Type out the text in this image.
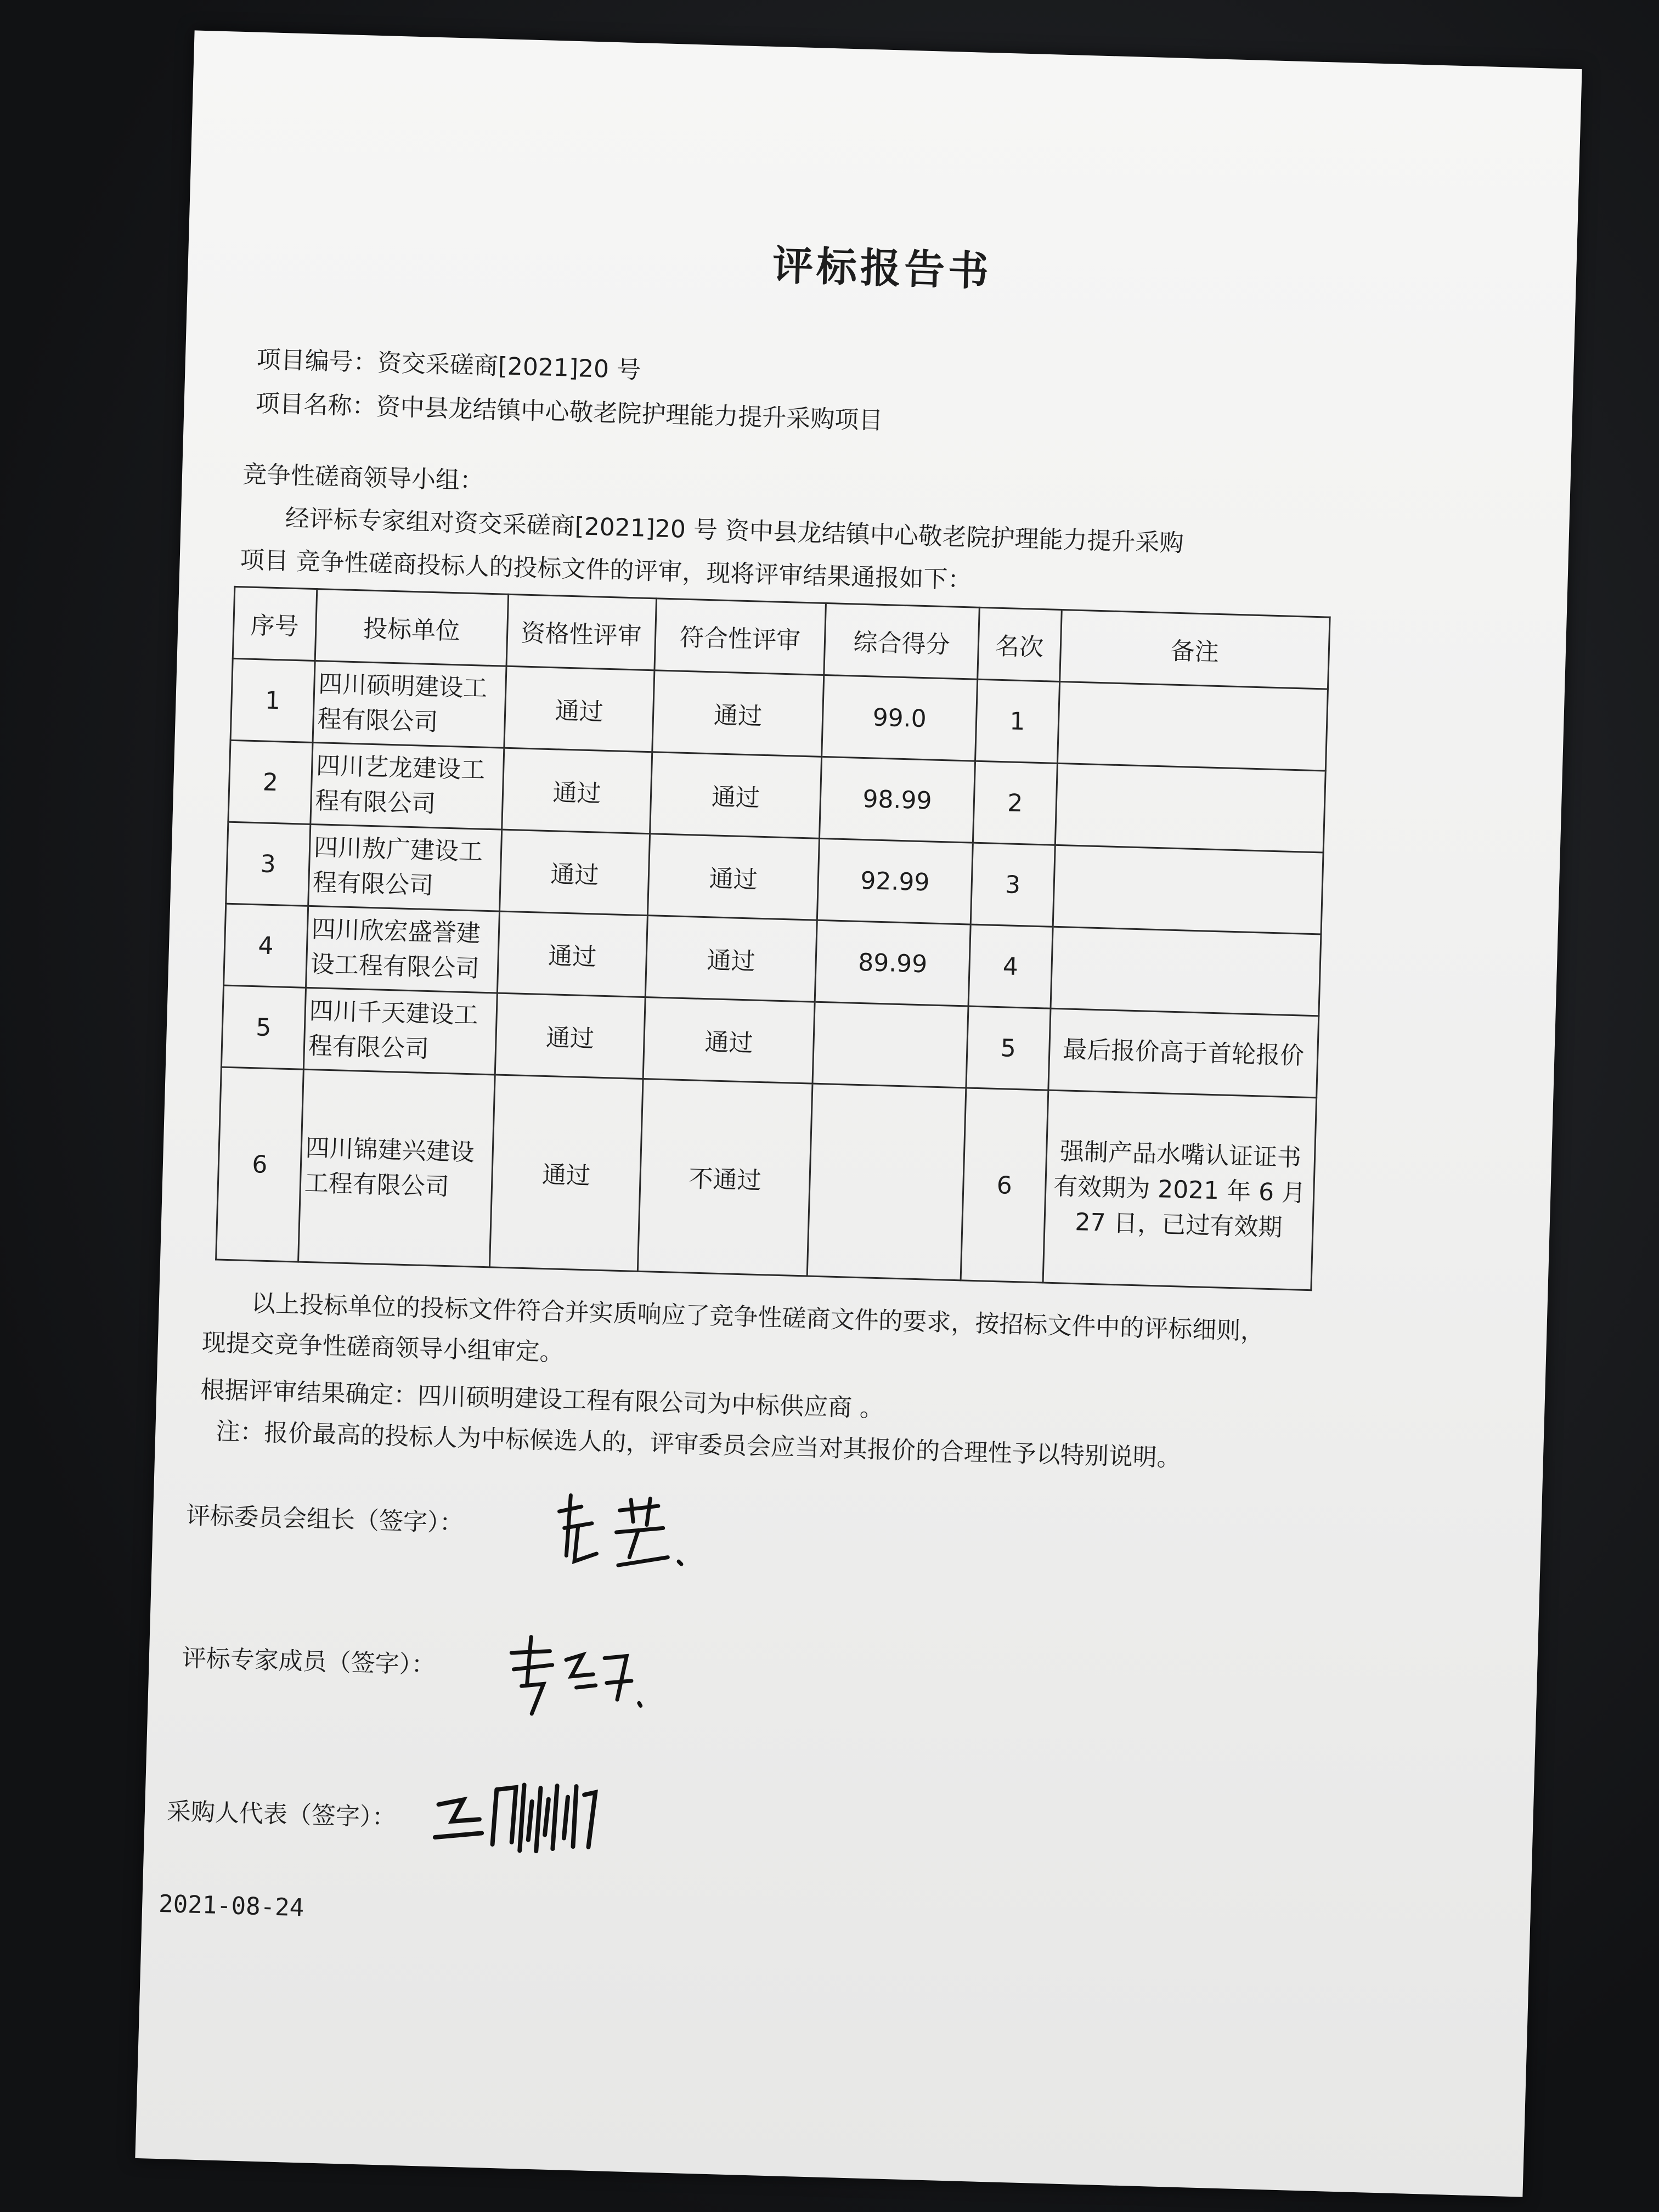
评标报告书
项目编号：资交采磋商[2021]20 号
项目名称：资中县龙结镇中心敬老院护理能力提升采购项目
竞争性磋商领导小组：
经评标专家组对资交采磋商[2021]20 号 资中县龙结镇中心敬老院护理能力提升采购
项目 竞争性磋商投标人的投标文件的评审，现将评审结果通报如下：
序号	投标单位	资格性评审	符合性评审	综合得分	名次	备注
1	四川硕明建设工程有限公司	通过	通过	99.0	1	
2	四川艺龙建设工程有限公司	通过	通过	98.99	2	
3	四川敖广建设工程有限公司	通过	通过	92.99	3	
4	四川欣宏盛誉建设工程有限公司	通过	通过	89.99	4	
5	四川千天建设工程有限公司	通过	通过		5	最后报价高于首轮报价
6	四川锦建兴建设工程有限公司	通过	不通过		6	强制产品水嘴认证证书有效期为 2021 年 6 月 27 日，已过有效期
以上投标单位的投标文件符合并实质响应了竞争性磋商文件的要求，按招标文件中的评标细则，现提交竞争性磋商领导小组审定。
根据评审结果确定：四川硕明建设工程有限公司为中标供应商 。
注：报价最高的投标人为中标候选人的，评审委员会应当对其报价的合理性予以特别说明。
评标委员会组长（签字）：
评标专家成员（签字）：
采购人代表（签字）：
2021-08-24
